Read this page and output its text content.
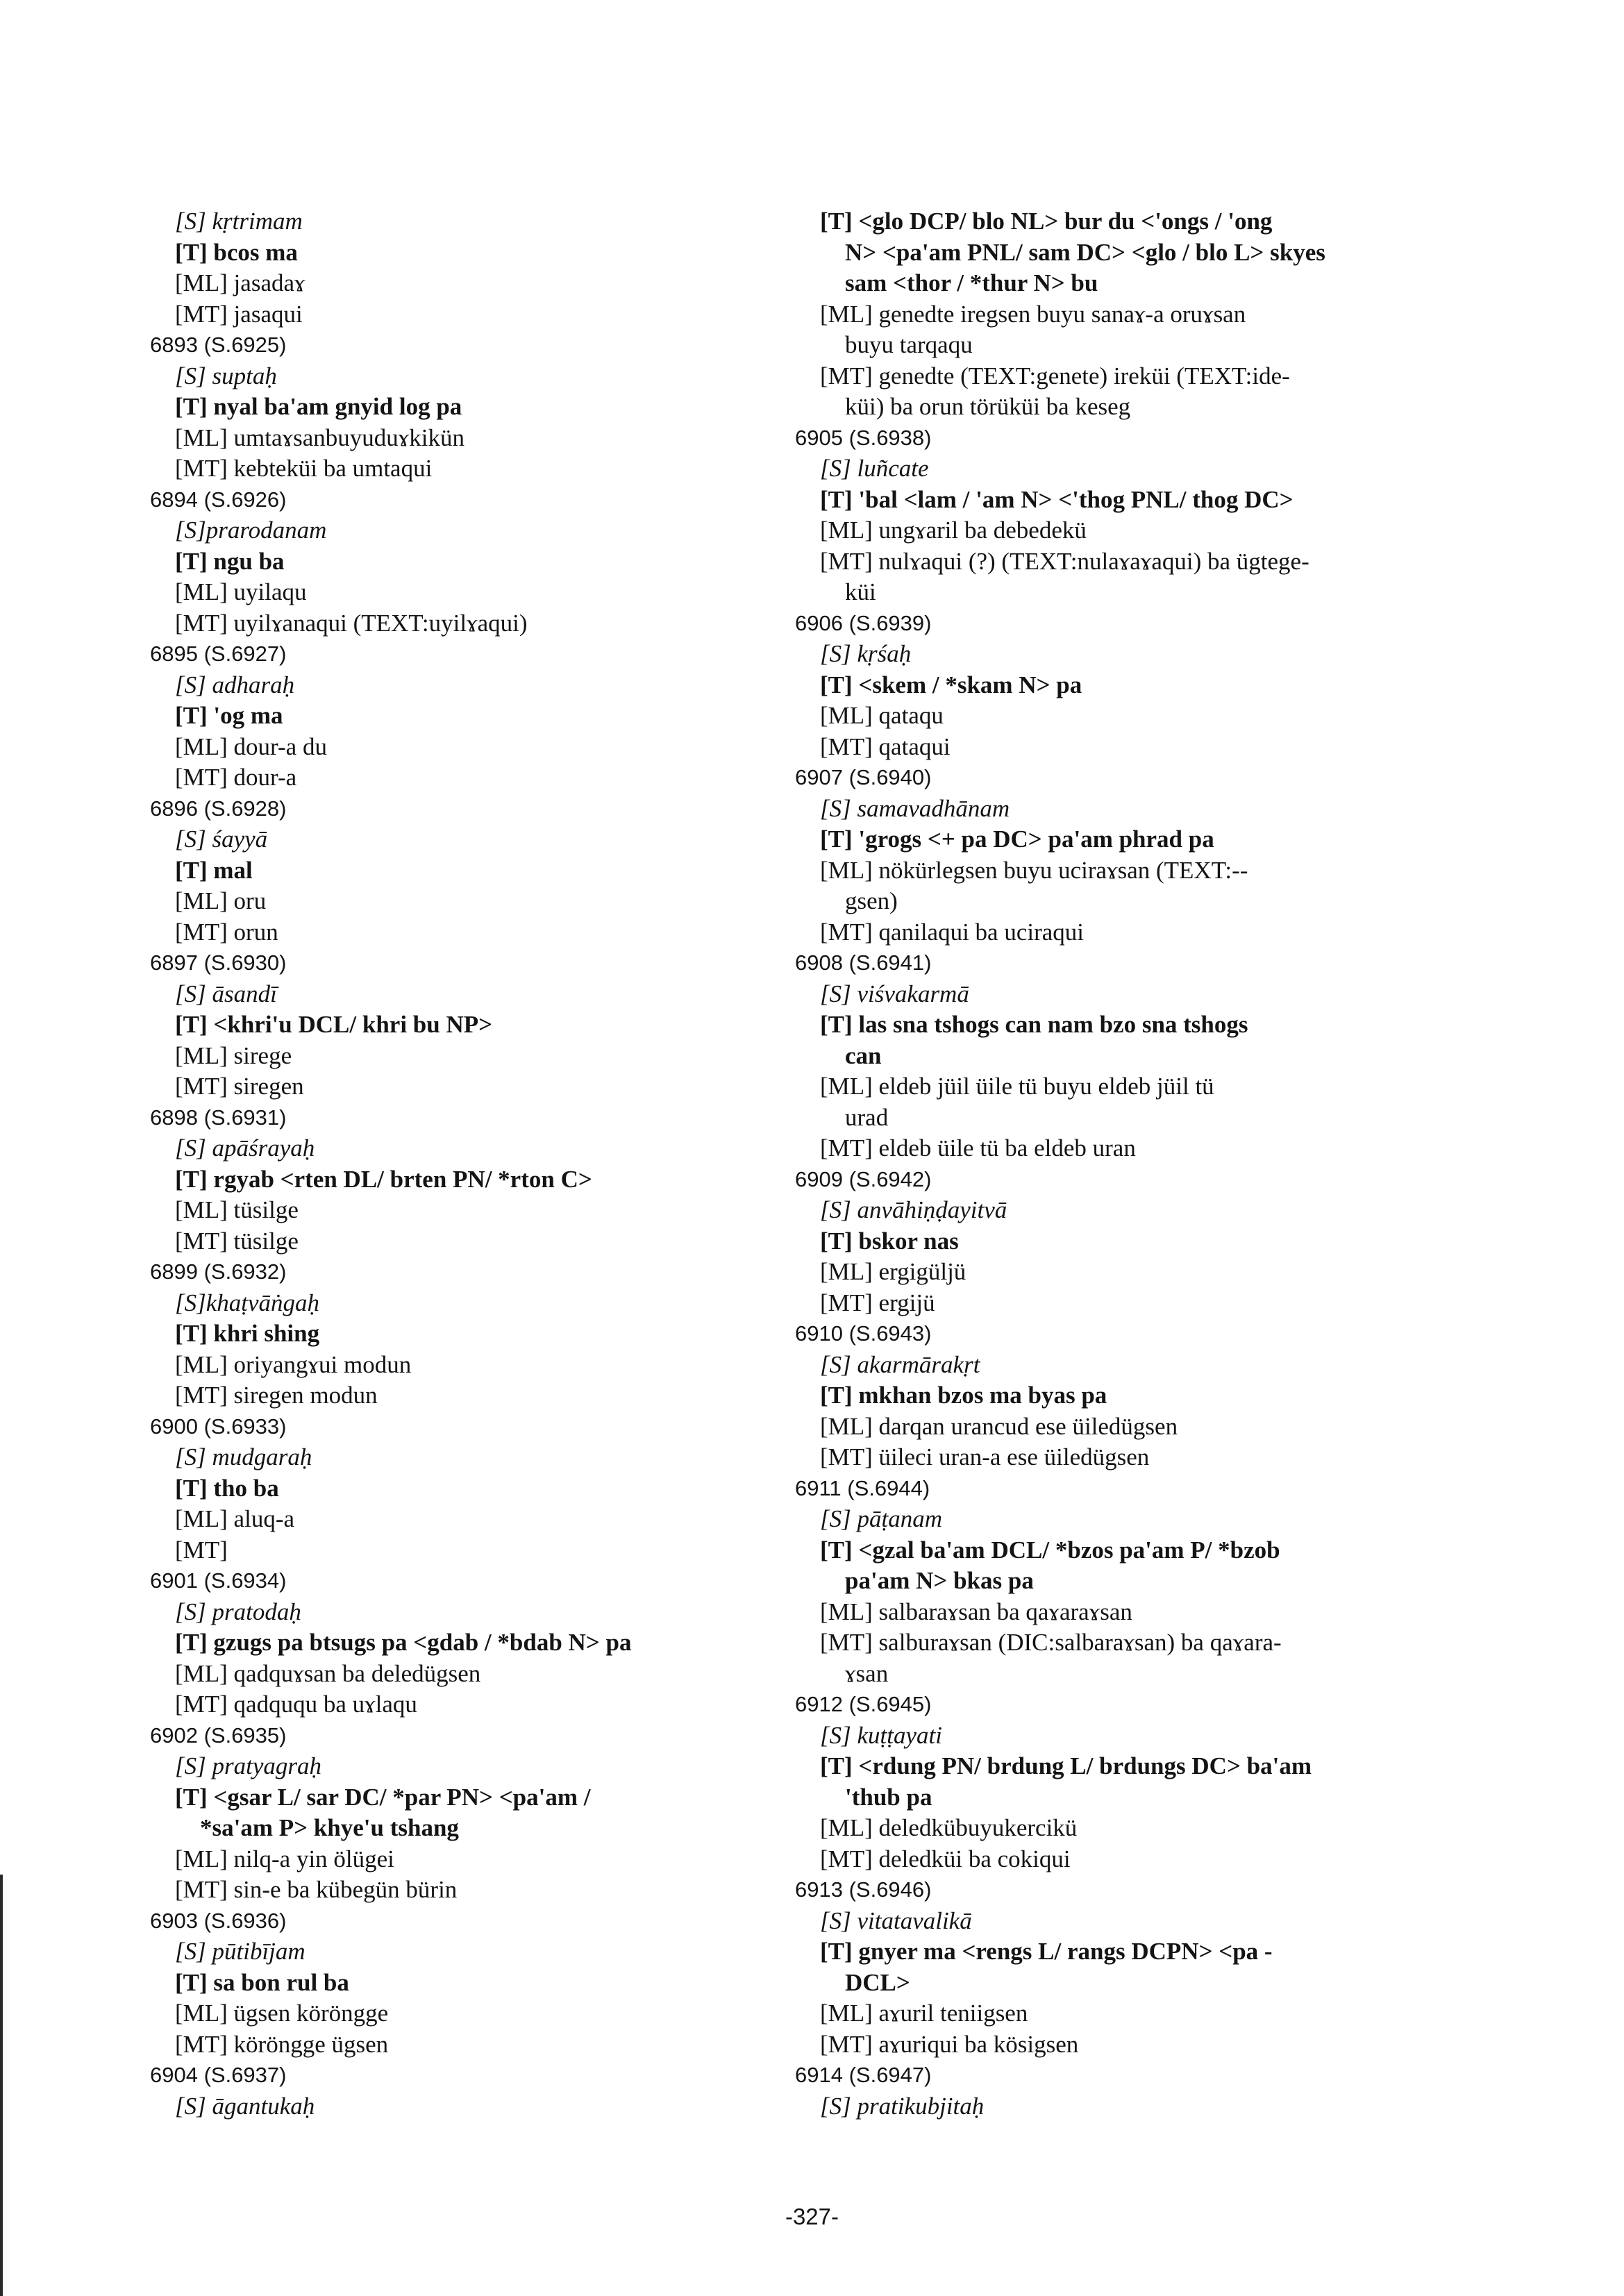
[S] kṛtrimam
[T] bcos ma
[ML] jasadaɤ
[MT] jasaqui
6893 (S.6925)
[S] suptaḥ
[T] nyal ba'am gnyid log pa
[ML] umtaɤsanbuyuduɤkikün
[MT] kebteküi ba umtaqui
6894 (S.6926)
[S]prarodanam
[T] ngu ba
[ML] uyilaqu
[MT] uyilɤanaqui (TEXT:uyilɤaqui)
6895 (S.6927)
[S] adharaḥ
[T] 'og ma
[ML] dour-a du
[MT] dour-a
6896 (S.6928)
[S] śayyā
[T] mal
[ML] oru
[MT] orun
6897 (S.6930)
[S] āsandī
[T] <khri'u DCL/ khri bu NP>
[ML] sirege
[MT] siregen
6898 (S.6931)
[S] apāśrayaḥ
[T] rgyab <rten DL/ brten PN/ *rton C>
[ML] tüsilge
[MT] tüsilge
6899 (S.6932)
[S]khaṭvāṅgaḥ
[T] khri shing
[ML] oriyangɤui modun
[MT] siregen modun
6900 (S.6933)
[S] mudgaraḥ
[T] tho ba
[ML] aluq-a
[MT]
6901 (S.6934)
[S] pratodaḥ
[T] gzugs pa btsugs pa <gdab / *bdab N> pa
[ML] qadquɤsan ba deledügsen
[MT] qadququ ba uɤlaqu
6902 (S.6935)
[S] pratyagraḥ
[T] <gsar L/ sar DC/ *par PN> <pa'am /
*sa'am P> khye'u tshang
[ML] nilq-a yin ölügei
[MT] sin-e ba kübegün bürin
6903 (S.6936)
[S] pūtibījam
[T] sa bon rul ba
[ML] ügsen köröngge
[MT] köröngge ügsen
6904 (S.6937)
[S] āgantukaḥ
[T] <glo DCP/ blo NL> bur du <'ongs / 'ong
N> <pa'am PNL/ sam DC> <glo / blo L> skyes
sam <thor / *thur N> bu
[ML] genedte iregsen buyu sanaɤ-a oruɤsan
buyu tarqaqu
[MT] genedte (TEXT:genete) ireküi (TEXT:ide-
küi) ba orun törüküi ba keseg
6905 (S.6938)
[S] luñcate
[T] 'bal <lam / 'am N> <'thog PNL/ thog DC>
[ML] ungɤaril ba debedekü
[MT] nulɤaqui (?) (TEXT:nulaɤaɤaqui) ba ügtege-
küi
6906 (S.6939)
[S] kṛśaḥ
[T] <skem / *skam N> pa
[ML] qataqu
[MT] qataqui
6907 (S.6940)
[S] samavadhānam
[T] 'grogs <+ pa DC> pa'am phrad pa
[ML] nökürlegsen buyu uciraɤsan (TEXT:--
gsen)
[MT] qanilaqui ba uciraqui
6908 (S.6941)
[S] viśvakarmā
[T] las sna tshogs can nam bzo sna tshogs
can
[ML] eldeb jüil üile tü buyu eldeb jüil tü
urad
[MT] eldeb üile tü ba eldeb uran
6909 (S.6942)
[S] anvāhiṇḍayitvā
[T] bskor nas
[ML] ergigüljü
[MT] ergijü
6910 (S.6943)
[S] akarmārakṛt
[T] mkhan bzos ma byas pa
[ML] darqan urancud ese üiledügsen
[MT] üileci uran-a ese üiledügsen
6911 (S.6944)
[S] pāṭanam
[T] <gzal ba'am DCL/ *bzos pa'am P/ *bzob
pa'am N> bkas pa
[ML] salbaraɤsan ba qaɤaraɤsan
[MT] salburaɤsan (DIC:salbaraɤsan) ba qaɤara-
ɤsan
6912 (S.6945)
[S] kuṭṭayati
[T] <rdung PN/ brdung L/ brdungs DC> ba'am
'thub pa
[ML] deledkübuyukercikü
[MT] deledküi ba cokiqui
6913 (S.6946)
[S] vitatavalikā
[T] gnyer ma <rengs L/ rangs DCPN> <pa -
DCL>
[ML] aɤuril teniigsen
[MT] aɤuriqui ba kösigsen
6914 (S.6947)
[S] pratikubjitaḥ
-327-
